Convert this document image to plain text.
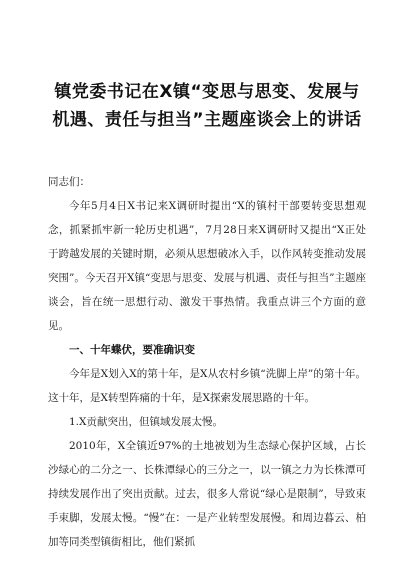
镇党委书记在X镇“变思与思变、发展与
机遇、责任与担当”主题座谈会上的讲话
同志们：

今年5月4日X书记来X调研时提出“X的镇村干部要转变思想观念，抓紧抓牢新一轮历史机遇”，7月28日来X调研时又提出“X正处于跨越发展的关键时期，必须从思想破冰入手，以作风转变推动发展突围”。今天召开X镇“变思与思变、发展与机遇、责任与担当”主题座谈会，旨在统一思想行动、激发干事热情。我重点讲三个方面的意见。

一、十年蝶伏，要准确识变

今年是X划入X的第十年，是X从农村乡镇“洗脚上岸”的第十年。这十年，是X转型阵痛的十年，是X探索发展思路的十年。

1.X贡献突出，但镇域发展太慢。

2010年，X全镇近97%的土地被划为生态绿心保护区域，占长沙绿心的二分之一、长株潭绿心的三分之一，以一镇之力为长株潭可持续发展作出了突出贡献。过去，很多人常说“绿心是限制”，导致束手束脚，发展太慢。“慢”在：一是产业转型发展慢。和周边暮云、柏加等同类型镇街相比，他们紧抓
